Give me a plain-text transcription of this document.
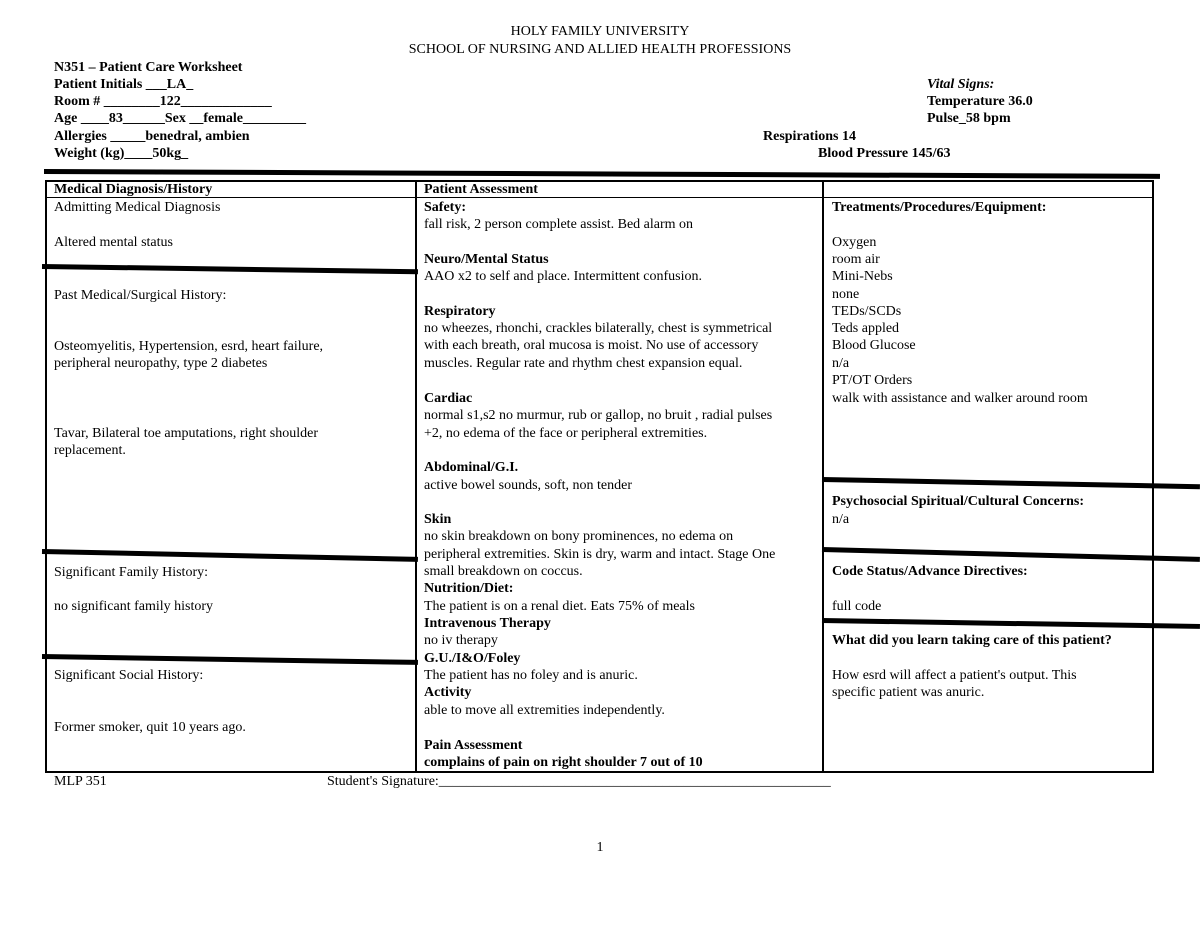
HOLY FAMILY UNIVERSITY
SCHOOL OF NURSING AND ALLIED HEALTH PROFESSIONS
N351 – Patient Care Worksheet
Patient Initials ___LA_
Room # ________122_____________
Age ____83______Sex __female_________
Allergies _____benedral, ambien
Weight (kg)____50kg_
Vital Signs:
Temperature 36.0
Pulse_58 bpm
Respirations 14
Blood Pressure 145/63
Medical Diagnosis/History
Admitting Medical Diagnosis
Altered mental status
Past Medical/Surgical History:
Osteomyelitis, Hypertension, esrd, heart failure,
peripheral neuropathy, type 2 diabetes
Tavar, Bilateral toe amputations, right shoulder
replacement.
Significant Family History:
no significant family history
Significant Social History:
Former smoker, quit 10 years ago.
Patient Assessment
Safety:
fall risk, 2 person complete assist. Bed alarm on
Neuro/Mental Status
AAO x2 to self and place. Intermittent confusion.
Respiratory
no wheezes, rhonchi, crackles bilaterally, chest is symmetrical
with each breath, oral mucosa is moist. No use of accessory
muscles. Regular rate and rhythm chest expansion equal.
Cardiac
normal s1,s2 no murmur, rub or gallop, no bruit , radial pulses
+2, no edema of the face or peripheral extremities.
Abdominal/G.I.
active bowel sounds, soft, non tender
Skin
no skin breakdown on bony prominences, no edema on
peripheral extremities. Skin is dry, warm and intact. Stage One
small breakdown on coccus.
Nutrition/Diet:
The patient is on a renal diet. Eats 75% of meals
Intravenous Therapy
no iv therapy
G.U./I&O/Foley
The patient has no foley and is anuric.
Activity
able to move all extremities independently.
Pain Assessment
complains of pain on right shoulder 7 out of 10
Treatments/Procedures/Equipment:
Oxygen
room air
Mini-Nebs
none
TEDs/SCDs
Teds appled
Blood Glucose
n/a
PT/OT Orders
walk with assistance and walker around room
Psychosocial Spiritual/Cultural Concerns:
n/a
Code Status/Advance Directives:
full code
What did you learn taking care of this patient?
How esrd will affect a patient's output. This
specific patient was anuric.
MLP 351	Student's Signature:________________________________________________________
1
